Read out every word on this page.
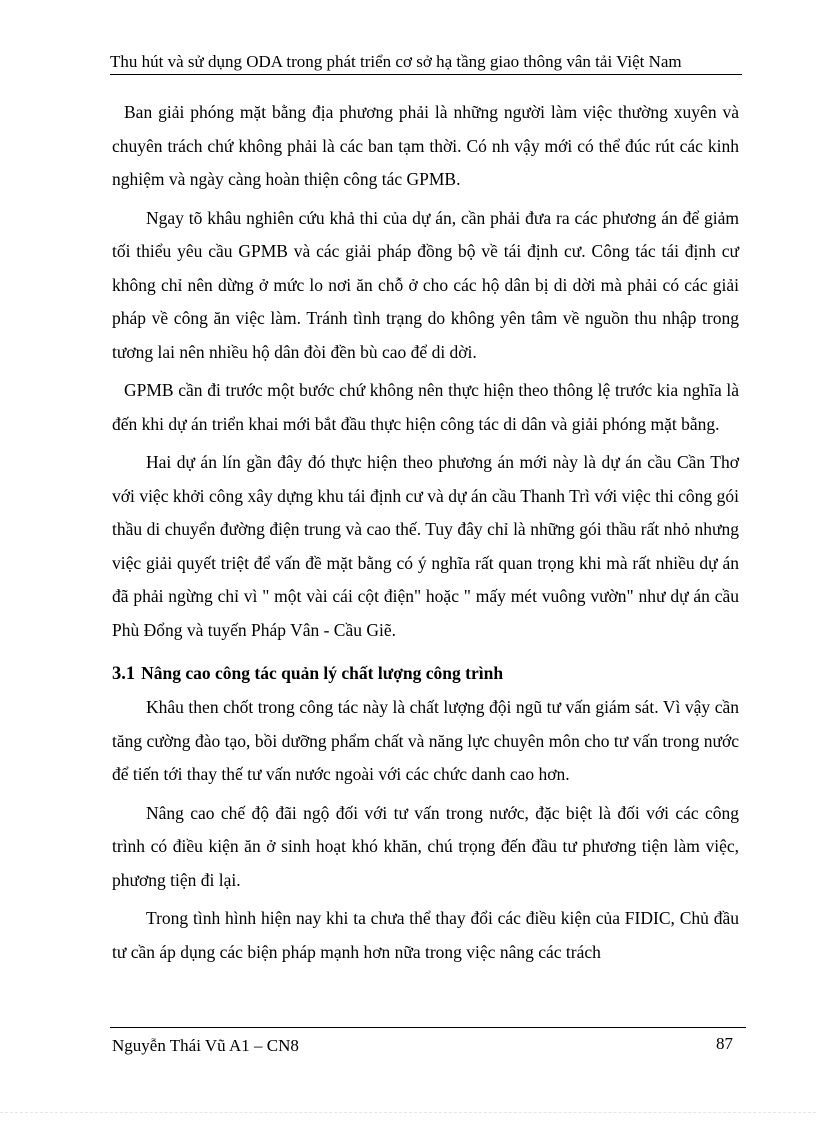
Thu hút và sử dụng ODA trong phát triển cơ sở hạ tầng giao thông vân tải Việt Nam

Ban giải phóng mặt bằng địa phương phải là những người làm việc thường xuyên và chuyên trách chứ không phải là các ban tạm thời. Có nh vậy mới có thể đúc rút các kinh nghiệm và ngày càng hoàn thiện công tác GPMB.

Ngay tõ khâu nghiên cứu khả thi của dự án, cần phải đưa ra các phương án để giảm tối thiểu yêu cầu GPMB và các giải pháp đồng bộ về tái định cư. Công tác tái định cư không chỉ nên dừng ở mức lo nơi ăn chỗ ở cho các hộ dân bị di dời mà phải có các giải pháp về công ăn việc làm. Tránh tình trạng do không yên tâm về nguồn thu nhập trong tương lai nên nhiều hộ dân đòi đền bù cao để di dời.

GPMB cần đi trước một bước chứ không nên thực hiện theo thông lệ trước kia nghĩa là đến khi dự án triển khai mới bắt đầu thực hiện công tác di dân và giải phóng mặt bằng.

Hai dự án lín gần đây đó thực hiện theo phương án mới này là dự án cầu Cần Thơ với việc khởi công xây dựng khu tái định cư và dự án cầu Thanh Trì với việc thi công gói thầu di chuyển đường điện trung và cao thế. Tuy đây chỉ là những gói thầu rất nhỏ nhưng việc giải quyết triệt để vấn đề mặt bằng có ý nghĩa rất quan trọng khi mà rất nhiều dự án đã phải ngừng chỉ vì " một vài cái cột điện" hoặc " mấy mét vuông vườn" như dự án cầu Phù Đổng và tuyến Pháp Vân - Cầu Giẽ.

3.1 Nâng cao công tác quản lý chất lượng công trình

Khâu then chốt trong công tác này là chất lượng đội ngũ tư vấn giám sát. Vì vậy cần tăng cường đào tạo, bồi dưỡng phẩm chất và năng lực chuyên môn cho tư vấn trong nước để tiến tới thay thế tư vấn nước ngoài với các chức danh cao hơn.

Nâng cao chế độ đãi ngộ đối với tư vấn trong nước, đặc biệt là đối với các công trình có điều kiện ăn ở sinh hoạt khó khăn, chú trọng đến đầu tư phương tiện làm việc, phương tiện đi lại.

Trong tình hình hiện nay khi ta chưa thể thay đổi các điều kiện của FIDIC, Chủ đầu tư cần áp dụng các biện pháp mạnh hơn nữa trong việc nâng các trách

Nguyễn Thái Vũ A1 – CN8	87
